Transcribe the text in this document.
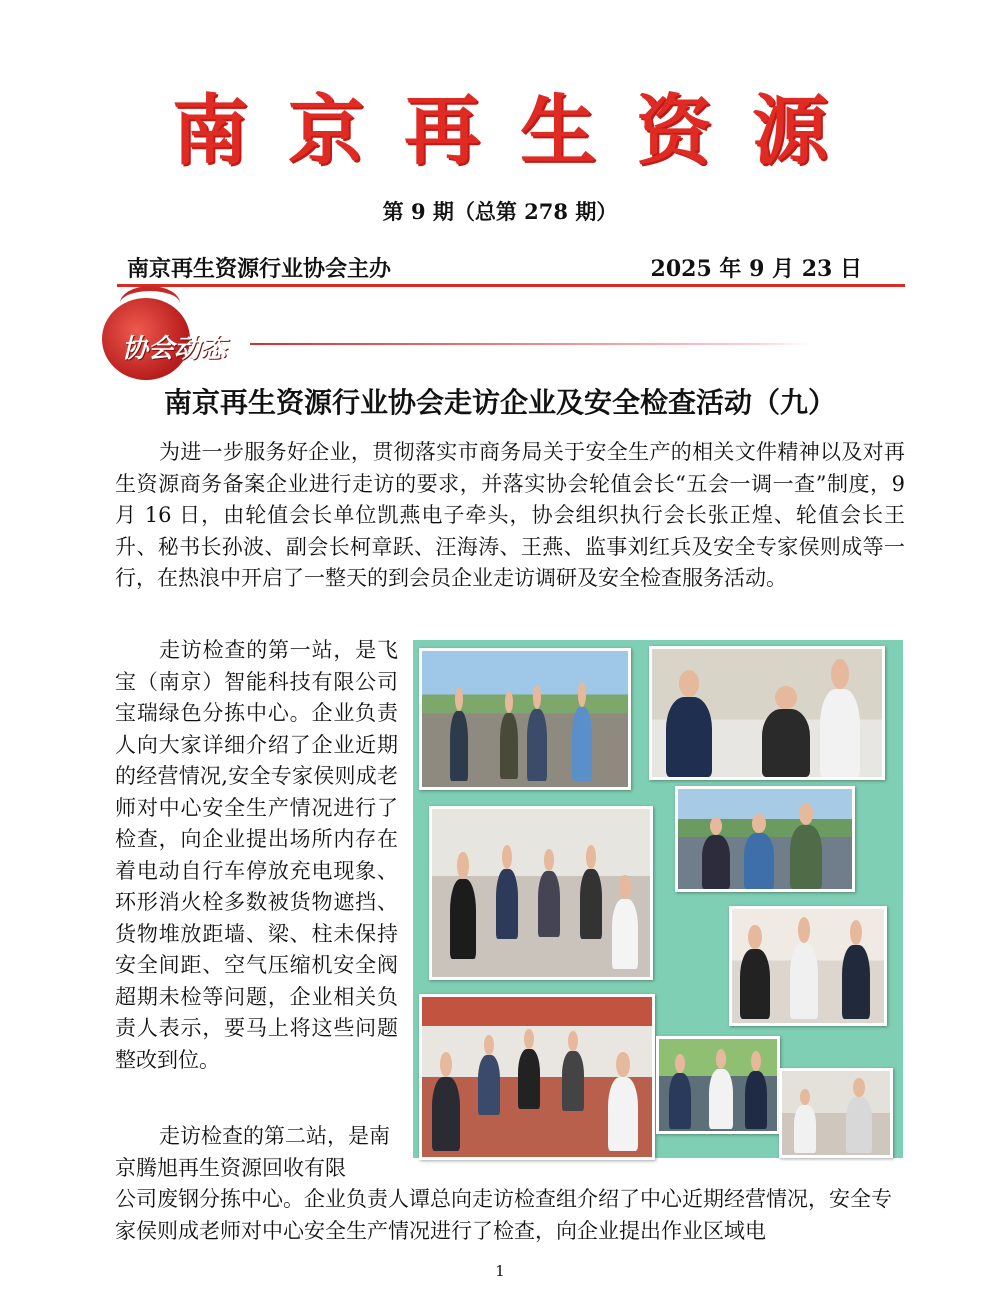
南京再生资源
第 9 期（总第 278 期）
南京再生资源行业协会主办	2025 年 9 月 23 日
协会动态
南京再生资源行业协会走访企业及安全检查活动（九）

为进一步服务好企业，贯彻落实市商务局关于安全生产的相关文件精神以及对再生资源商务备案企业进行走访的要求，并落实协会轮值会长“五会一调一查”制度，9 月 16 日，由轮值会长单位凯燕电子牵头，协会组织执行会长张正煌、轮值会长王升、秘书长孙波、副会长柯章跃、汪海涛、王燕、监事刘红兵及安全专家侯则成等一行，在热浪中开启了一整天的到会员企业走访调研及安全检查服务活动。

走访检查的第一站，是飞宝（南京）智能科技有限公司宝瑞绿色分拣中心。企业负责人向大家详细介绍了企业近期的经营情况,安全专家侯则成老师对中心安全生产情况进行了检查，向企业提出场所内存在着电动自行车停放充电现象、环形消火栓多数被货物遮挡、货物堆放距墙、梁、柱未保持安全间距、空气压缩机安全阀超期未检等问题，企业相关负责人表示，要马上将这些问题整改到位。

走访检查的第二站，是南京腾旭再生资源回收有限
公司废钢分拣中心。企业负责人谭总向走访检查组介绍了中心近期经营情况，安全专家侯则成老师对中心安全生产情况进行了检查，向企业提出作业区域电
1
